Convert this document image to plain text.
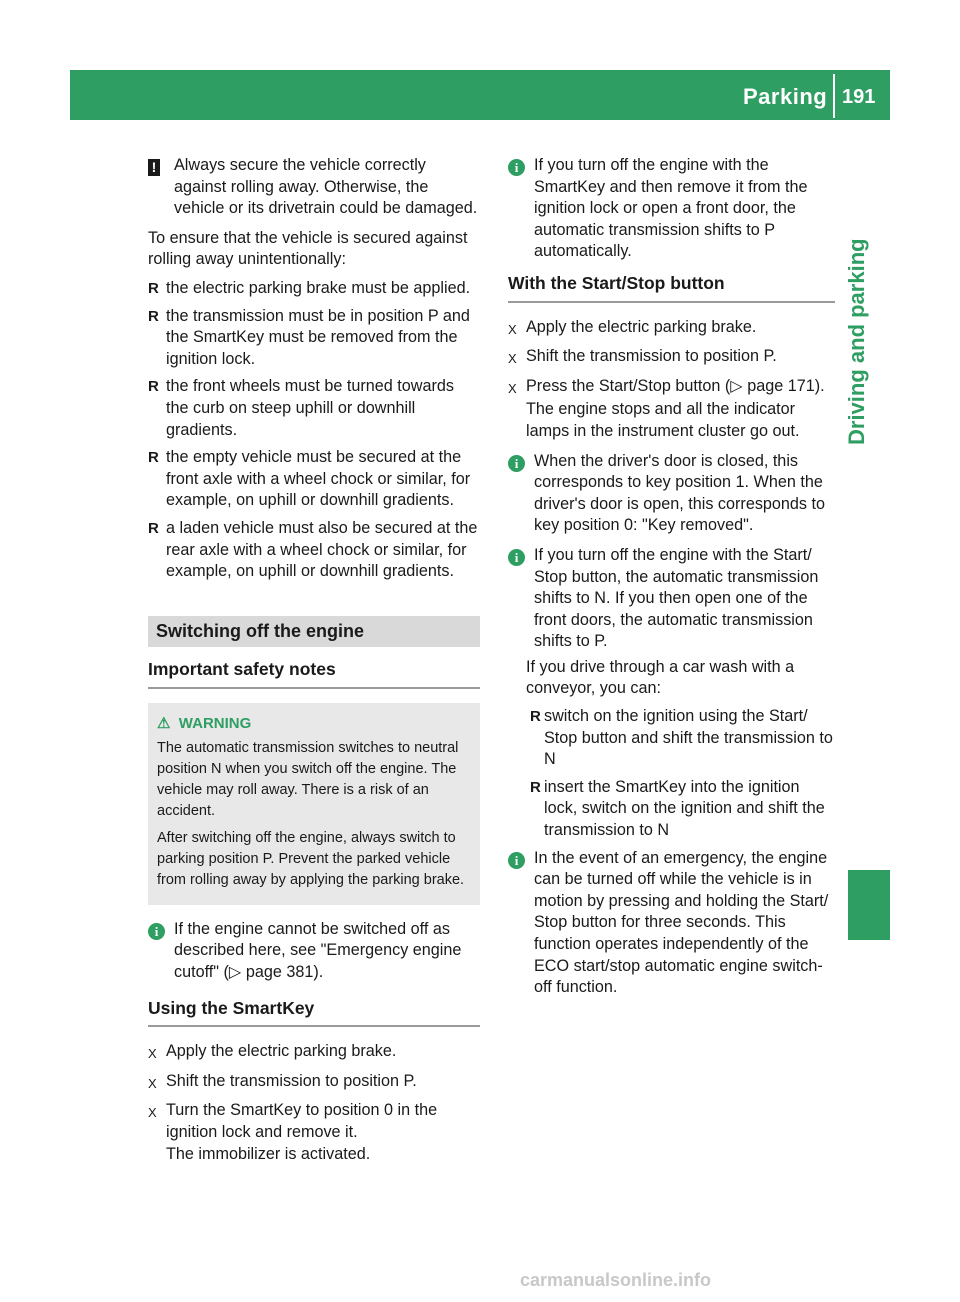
Parking 191
Driving and parking
!	Always secure the vehicle correctly against rolling away. Otherwise, the vehicle or its drivetrain could be damaged.

To ensure that the vehicle is secured against rolling away unintentionally:

R the electric parking brake must be applied.
R the transmission must be in position P and the SmartKey must be removed from the ignition lock.
R the front wheels must be turned towards the curb on steep uphill or downhill gradients.
R the empty vehicle must be secured at the front axle with a wheel chock or similar, for example, on uphill or downhill gradients.
R a laden vehicle must also be secured at the rear axle with a wheel chock or similar, for example, on uphill or downhill gradients.
Switching off the engine
Important safety notes
⚠ WARNING

The automatic transmission switches to neutral position N when you switch off the engine. The vehicle may roll away. There is a risk of an accident.

After switching off the engine, always switch to parking position P. Prevent the parked vehicle from rolling away by applying the parking brake.

i If the engine cannot be switched off as described here, see "Emergency engine cutoff" (▷ page 381).
Using the SmartKey
X Apply the electric parking brake.
X Shift the transmission to position P.
X Turn the SmartKey to position 0 in the ignition lock and remove it.
The immobilizer is activated.
i If you turn off the engine with the SmartKey and then remove it from the ignition lock or open a front door, the automatic transmission shifts to P automatically.
With the Start/Stop button
X Apply the electric parking brake.
X Shift the transmission to position P.
X Press the Start/Stop button (▷ page 171).
The engine stops and all the indicator lamps in the instrument cluster go out.
i When the driver's door is closed, this corresponds to key position 1. When the driver's door is open, this corresponds to key position 0: "Key removed".
i If you turn off the engine with the Start/ Stop button, the automatic transmission shifts to N. If you then open one of the front doors, the automatic transmission shifts to P.
If you drive through a car wash with a conveyor, you can:
R switch on the ignition using the Start/ Stop button and shift the transmission to N
R insert the SmartKey into the ignition lock, switch on the ignition and shift the transmission to N
i In the event of an emergency, the engine can be turned off while the vehicle is in motion by pressing and holding the Start/ Stop button for three seconds. This function operates independently of the ECO start/stop automatic engine switch-off function.
carmanualsonline.info
